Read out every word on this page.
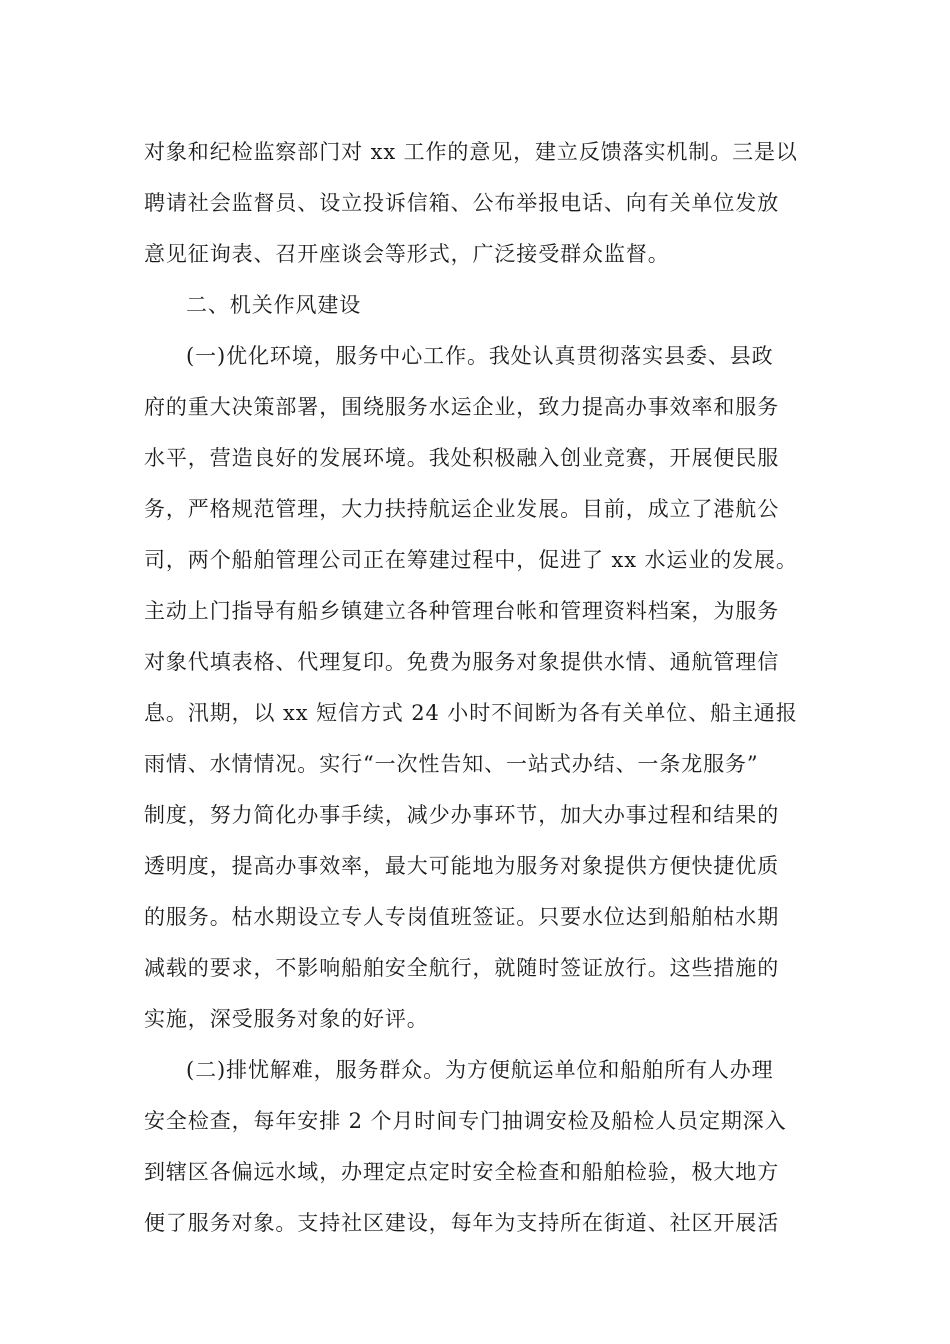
对象和纪检监察部门对 xx 工作的意见，建立反馈落实机制。三是以
聘请社会监督员、设立投诉信箱、公布举报电话、向有关单位发放
意见征询表、召开座谈会等形式，广泛接受群众监督。
二、机关作风建设
(一)优化环境，服务中心工作。我处认真贯彻落实县委、县政
府的重大决策部署，围绕服务水运企业，致力提高办事效率和服务
水平，营造良好的发展环境。我处积极融入创业竞赛，开展便民服
务，严格规范管理，大力扶持航运企业发展。目前，成立了港航公
司，两个船舶管理公司正在筹建过程中，促进了 xx 水运业的发展。
主动上门指导有船乡镇建立各种管理台帐和管理资料档案，为服务
对象代填表格、代理复印。免费为服务对象提供水情、通航管理信
息。汛期，以 xx 短信方式 24 小时不间断为各有关单位、船主通报
雨情、水情情况。实行“一次性告知、一站式办结、一条龙服务”
制度，努力简化办事手续，减少办事环节，加大办事过程和结果的
透明度，提高办事效率，最大可能地为服务对象提供方便快捷优质
的服务。枯水期设立专人专岗值班签证。只要水位达到船舶枯水期
减载的要求，不影响船舶安全航行，就随时签证放行。这些措施的
实施，深受服务对象的好评。
(二)排忧解难，服务群众。为方便航运单位和船舶所有人办理
安全检查，每年安排 2 个月时间专门抽调安检及船检人员定期深入
到辖区各偏远水域，办理定点定时安全检查和船舶检验，极大地方
便了服务对象。支持社区建设，每年为支持所在街道、社区开展活
